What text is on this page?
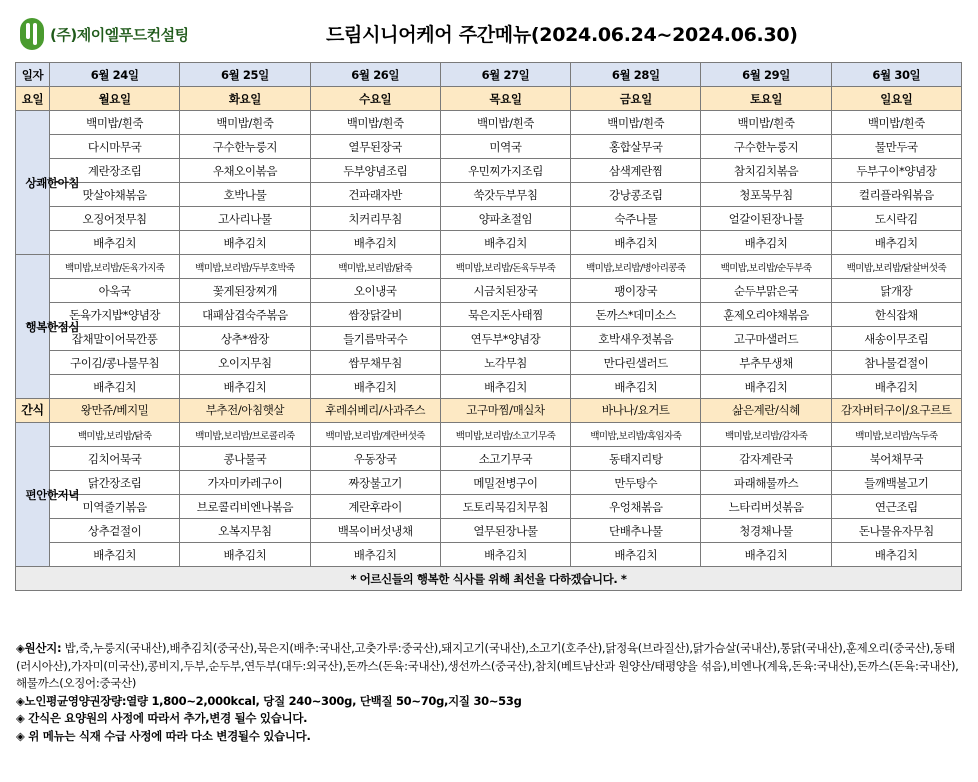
(주)제이엘푸드컨설팅	드림시니어케어 주간메뉴(2024.06.24~2024.06.30)
일자	6월 24일	6월 25일	6월 26일	6월 27일	6월 28일	6월 29일	6월 30일
요일	월요일	화요일	수요일	목요일	금요일	토요일	일요일
상쾌한아침	백미밥/흰죽	백미밥/흰죽	백미밥/흰죽	백미밥/흰죽	백미밥/흰죽	백미밥/흰죽	백미밥/흰죽
	다시마무국	구수한누룽지	열무된장국	미역국	홍합살무국	구수한누룽지	물만두국
	계란장조림	우채오이볶음	두부양념조림	우민찌가지조림	삼색계란찜	참치김치볶음	두부구이*양념장
	맛살야채볶음	호박나물	건파래자반	쑥갓두부무침	강낭콩조림	청포묵무침	컬리플라워볶음
	오징어젓무침	고사리나물	치커리무침	양파초절임	숙주나물	얼갈이된장나물	도시락김
	배추김치	배추김치	배추김치	배추김치	배추김치	배추김치	배추김치
행복한점심	백미밥,보리밥/돈육가지죽	백미밥,보리밥/두부호박죽	백미밥,보리밥/닭죽	백미밥,보리밥/돈육두부죽	백미밥,보리밥/병아리콩죽	백미밥,보리밥/순두부죽	백미밥,보리밥/닭살버섯죽
	아욱국	꽃게된장찌개	오이냉국	시금치된장국	팽이장국	순두부맑은국	닭개장
	돈육가지밥*양념장	대패삼겹숙주볶음	쌈장닭갈비	묵은지돈사태찜	돈까스*데미소스	훈제오리야채볶음	한식잡채
	잡채말이어묵깐풍	상추*쌈장	들기름막국수	연두부*양념장	호박새우젓볶음	고구마샐러드	새송이무조림
	구이김/콩나물무침	오이지무침	쌈무채무침	노각무침	만다린샐러드	부추무생채	참나물겉절이
	배추김치	배추김치	배추김치	배추김치	배추김치	배추김치	배추김치
간식	왕만쥬/베지밀	부추전/아침햇살	후레쉬베리/사과주스	고구마찜/매실차	바나나/요거트	삶은계란/식혜	감자버터구이/요구르트
편안한저녁	백미밥,보리밥/닭죽	백미밥,보리밥/브로콜리죽	백미밥,보리밥/계란버섯죽	백미밥,보리밥/소고기무죽	백미밥,보리밥/흑임자죽	백미밥,보리밥/감자죽	백미밥,보리밥/녹두죽
	김치어묵국	콩나물국	우동장국	소고기무국	동태지리탕	감자계란국	북어채무국
	닭간장조림	가자미카레구이	짜장불고기	메밀전병구이	만두탕수	파래해물까스	들깨백불고기
	미역줄기볶음	브로콜리비엔나볶음	계란후라이	도토리묵김치무침	우엉채볶음	느타리버섯볶음	연근조림
	상추겉절이	오복지무침	백목이버섯냉채	열무된장나물	단배추나물	청경채나물	돈나물유자무침
	배추김치	배추김치	배추김치	배추김치	배추김치	배추김치	배추김치
* 어르신들의 행복한 식사를 위해 최선을 다하겠습니다. *							

◈원산지: 밥,죽,누룽지(국내산),배추김치(중국산),묵은지(배추:국내산,고춧가루:중국산),돼지고기(국내산),소고기(호주산),닭정육(브라질산),닭가슴살(국내산),통닭(국내산),훈제오리(중국산),동태(러시아산),가자미(미국산),콩비지,두부,순두부,연두부(대두:외국산),돈까스(돈육:국내산),생선까스(중국산),참치(베트남산과 원양산/태평양을 섞음),비엔나(계육,돈육:국내산),돈까스(돈육:국내산),해물까스(오징어:중국산)

◈노인평균영양권장량:열량 1,800~2,000kcal, 당질 240~300g, 단백질 50~70g,지질 30~53g

◈ 간식은 요양원의 사정에 따라서 추가,변경 될수 있습니다.

◈ 위 메뉴는 식재 수급 사정에 따라 다소 변경될수 있습니다.
